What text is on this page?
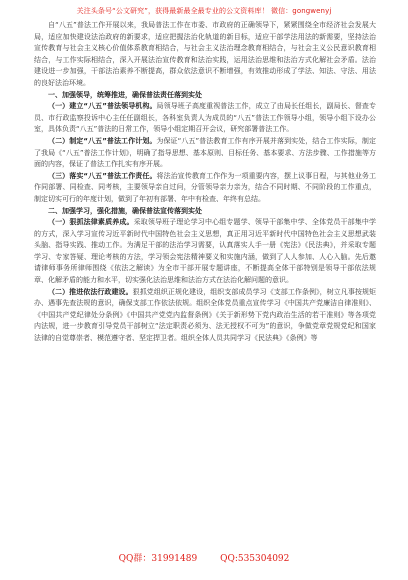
关注头条号“公文研究”，获得最新最全最专业的公文资料库！ 微信：gongwenyj

自“八五”普法工作开展以来，我局普法工作在市委、市政府的正确领导下，紧紧围绕全市经济社会发展大局，适应加快建设法治政府的新要求，适应把握法治化轨道的新目标，适应干部学法用法的新需要，坚持法治宣传教育与社会主义核心价值体系教育相结合，与社会主义法治理念教育相结合，与社会主义公民意识教育相结合，与工作实际相结合，深入开展法治宣传教育和法治实践，运用法治思维和法治方式化解社会矛盾。法治建设进一步加强，干部法治素养不断提高，群众依法意识不断增强，有效推动形成了学法、知法、守法、用法的良好法治环境。

一、加强领导，统筹推进，确保普法责任落到实处

（一）建立“八五”普法领导机构。局领导班子高度重视普法工作，成立了由局长任组长，副局长、督查专员、市行政监察投诉中心主任任副组长，各科室负责人为成员的“八五”普法工作领导小组，领导小组下设办公室，具体负责“八五”普法的日常工作，领导小组定期召开会议，研究部署普法工作。

（二）制定“八五”普法工作计划。为保证“八五”普法教育工作有序开展并落到实处，结合工作实际，制定了我局《“八五”普法工作计划》，明确了指导思想、基本原则、目标任务、基本要求、方法步骤、工作措施等方面的内容，保证了普法工作扎实有序开展。

（三）落实“八五”普法工作责任。将法治宣传教育工作作为一项重要内容，摆上议事日程，与其他业务工作同部署、同检查、同考核，主要领导亲自过问，分管领导亲力亲为，结合不同时期、不同阶段的工作重点，制定切实可行的年度计划，做到了年初有部署、年中有检查、年终有总结。

二、加强学习，强化措施，确保普法宣传落到实处

（一）狠抓法律素质养成。采取领导班子理论学习中心组专题学、领导干部集中学、全体党员干部集中学的方式，深入学习宣传习近平新时代中国特色社会主义思想，真正用习近平新时代中国特色社会主义思想武装头脑、指导实践、推动工作。为满足干部的法治学习需要，认真落实人手一册《宪法》《民法典》，并采取专题学习、专家答疑、理论考核的方法，学习领会宪法精神要义和实施内涵，做到了人人参加、人心入脑。先后邀请律师事务所律师围绕《依法之解读》为全市干部开展专题讲座，不断提高全体干部特别是领导干部依法规章、化解矛盾的能力和水平，切实强化法治思维和法治方式在法治化解问题的意识。

（二）推进依法行政建设。狠抓党组织正规化建设，组织支部成员学习《支部工作条例》，树立凡事按规矩办、遇事先查法规的意识，确保支部工作依法依规。组织全体党员重点宣传学习《中国共产党廉洁自律准则》、《中国共产党纪律处分条例》《中国共产党党内监督条例》《关于新形势下党内政治生活的若干准则》等各项党内法规，进一步教育引导党员干部树立“法定职责必须为、法无授权不可为”的意识，争做党章党规党纪和国家法律的自觉尊崇者、模范遵守者、坚定捍卫者。组织全体人员共同学习《民法典》《条例》等

QQ群：31991489	QQ:535304092
